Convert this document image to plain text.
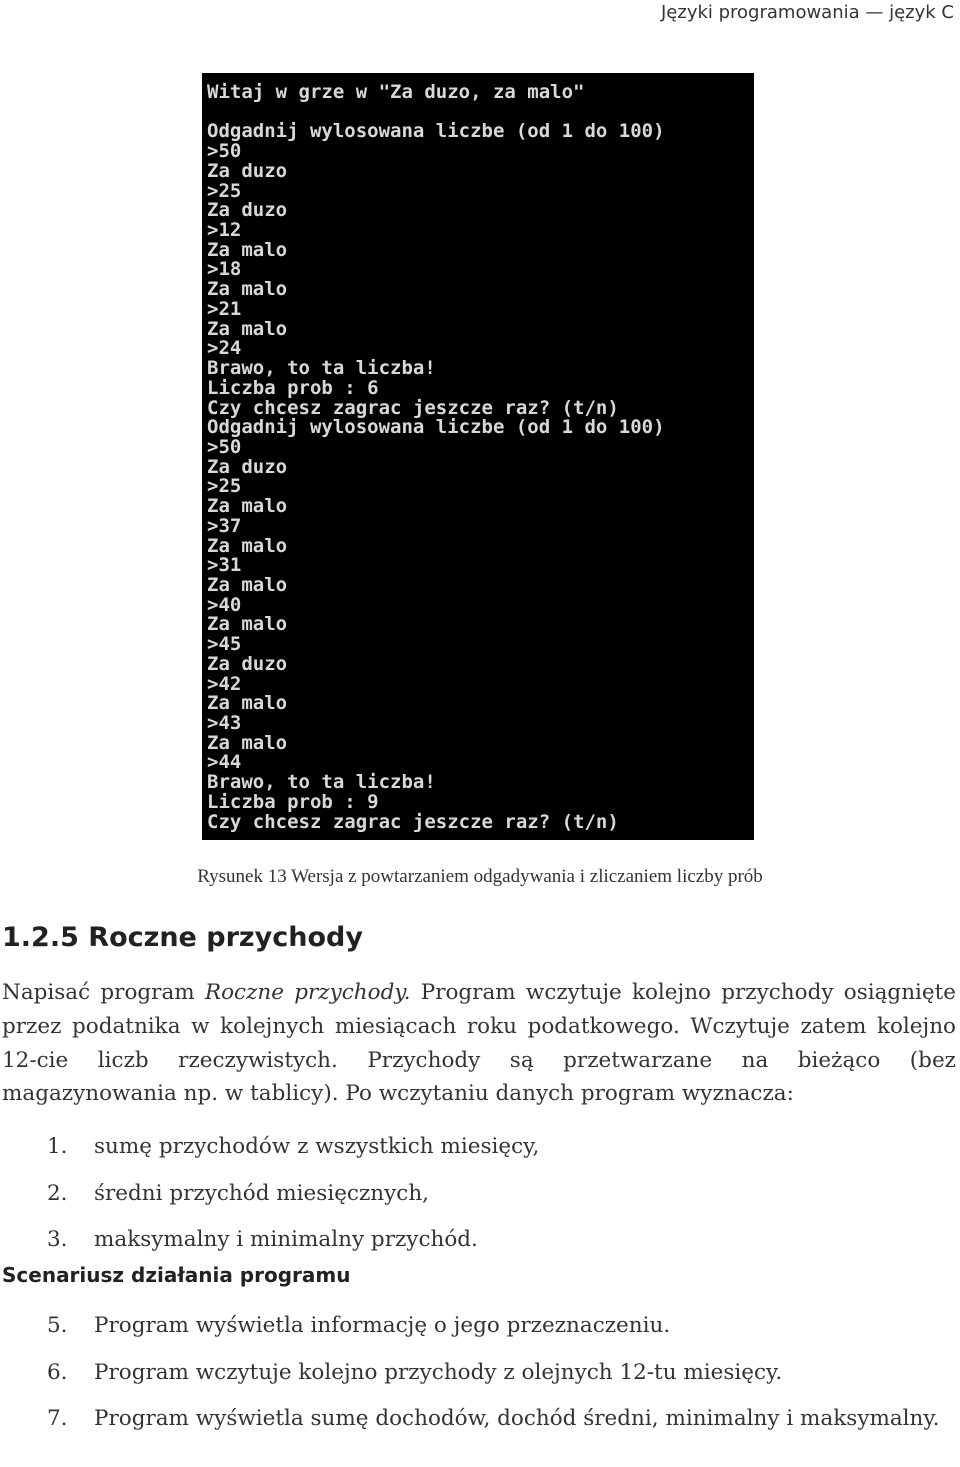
Języki programowania — język C
Witaj w grze w "Za duzo, za malo"
Odgadnij wylosowana liczbe (od 1 do 100)
>50
Za duzo
>25
Za duzo
>12
Za malo
>18
Za malo
>21
Za malo
>24
Brawo, to ta liczba!
Liczba prob : 6
Czy chcesz zagrac jeszcze raz? (t/n)
Odgadnij wylosowana liczbe (od 1 do 100)
>50
Za duzo
>25
Za malo
>37
Za malo
>31
Za malo
>40
Za malo
>45
Za duzo
>42
Za malo
>43
Za malo
>44
Brawo, to ta liczba!
Liczba prob : 9
Czy chcesz zagrac jeszcze raz? (t/n)
Rysunek 13 Wersja z powtarzaniem odgadywania i zliczaniem liczby prób
1.2.5 Roczne przychody

Napisać program Roczne przychody. Program wczytuje kolejno przychody osiągnięte przez podatnika w kolejnych miesiącach roku podatkowego. Wczytuje zatem kolejno 12-cie liczb rzeczywistych. Przychody są przetwarzane na bieżąco (bez magazynowania np. w tablicy). Po wczytaniu danych program wyznacza:

1. sumę przychodów z wszystkich miesięcy,
2. średni przychód miesięcznych,
3. maksymalny i minimalny przychód.
Scenariusz działania programu
5. Program wyświetla informację o jego przeznaczeniu.
6. Program wczytuje kolejno przychody z olejnych 12-tu miesięcy.
7. Program wyświetla sumę dochodów, dochód średni, minimalny i maksymalny.
